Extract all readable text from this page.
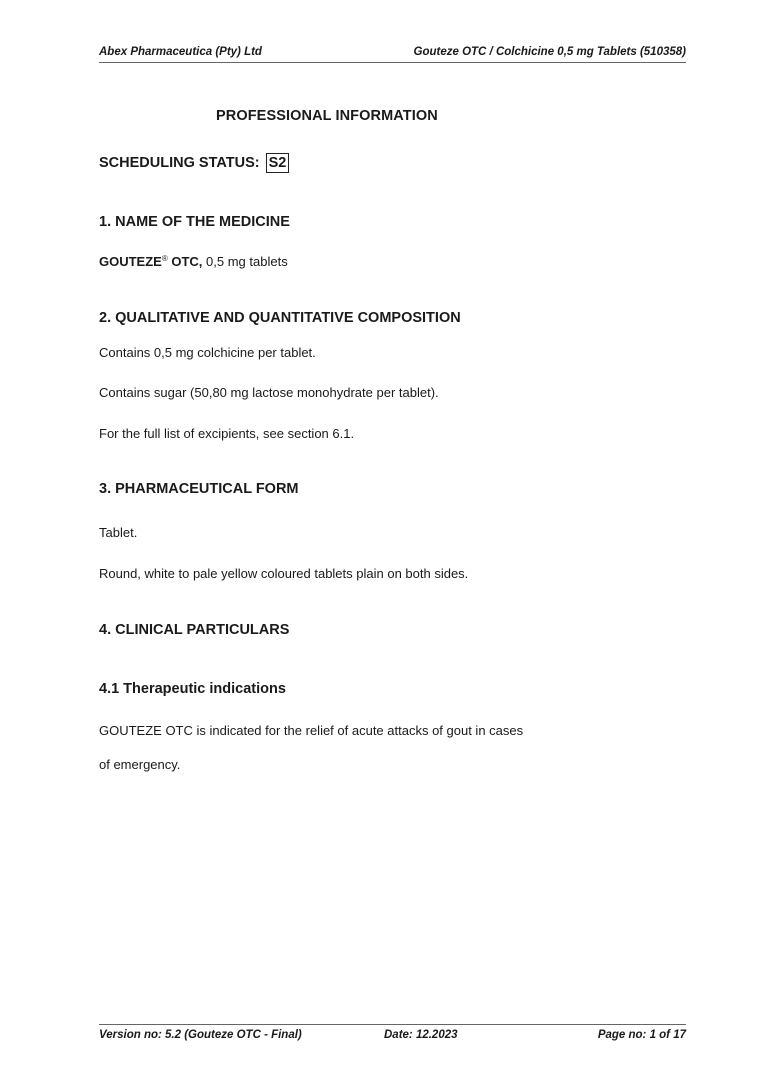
Abex Pharmaceutica (Pty) Ltd	Gouteze OTC / Colchicine 0,5 mg Tablets (510358)
PROFESSIONAL INFORMATION
SCHEDULING STATUS: S2
1. NAME OF THE MEDICINE
GOUTEZE® OTC, 0,5 mg tablets
2. QUALITATIVE AND QUANTITATIVE COMPOSITION
Contains 0,5 mg colchicine per tablet.
Contains sugar (50,80 mg lactose monohydrate per tablet).
For the full list of excipients, see section 6.1.
3. PHARMACEUTICAL FORM
Tablet.
Round, white to pale yellow coloured tablets plain on both sides.
4. CLINICAL PARTICULARS
4.1 Therapeutic indications
GOUTEZE OTC is indicated for the relief of acute attacks of gout in cases
of emergency.
Version no: 5.2 (Gouteze OTC - Final)	Date: 12.2023	Page no: 1 of 17
